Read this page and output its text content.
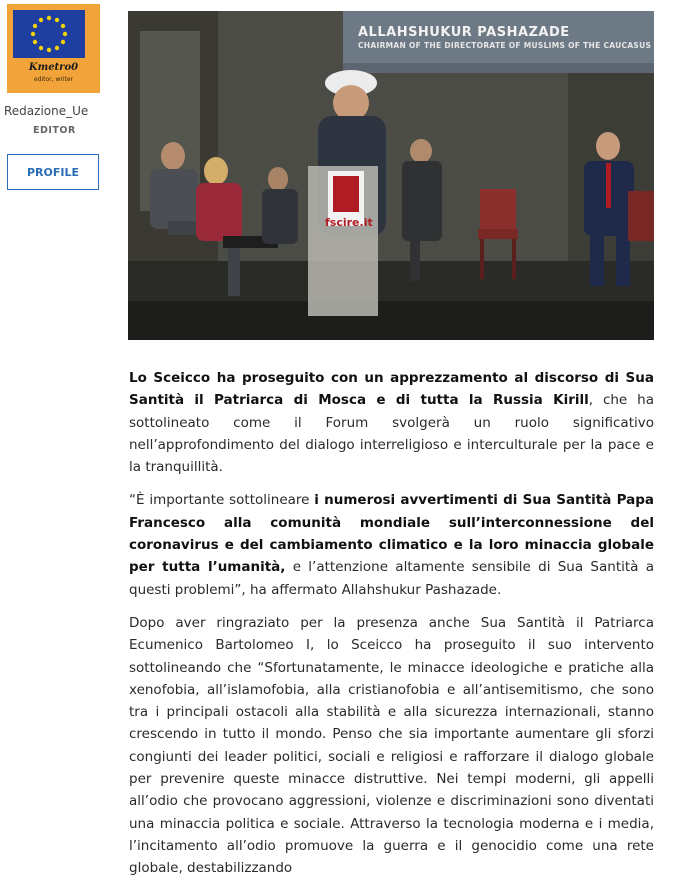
Kmetro0
editor, writer
Redazione_Ue
EDITOR
PROFILE
ALLAHSHUKUR PASHAZADE
CHAIRMAN OF THE DIRECTORATE OF MUSLIMS OF THE CAUCASUS
fscire.it

Lo Sceicco ha proseguito con un apprezzamento al discorso di Sua Santità il Patriarca di Mosca e di tutta la Russia Kirill, che ha sottolineato come il Forum svolgerà un ruolo significativo nell’approfondimento del dialogo interreligioso e interculturale per la pace e la tranquillità.

“È importante sottolineare i numerosi avvertimenti di Sua Santità Papa Francesco alla comunità mondiale sull’interconnessione del coronavirus e del cambiamento climatico e la loro minaccia globale per tutta l’umanità, e l’attenzione altamente sensibile di Sua Santità a questi problemi”, ha affermato Allahshukur Pashazade.

Dopo aver ringraziato per la presenza anche Sua Santità il Patriarca Ecumenico Bartolomeo I, lo Sceicco ha proseguito il suo intervento sottolineando che “Sfortunatamente, le minacce ideologiche e pratiche alla xenofobia, all’islamofobia, alla cristianofobia e all’antisemitismo, che sono tra i principali ostacoli alla stabilità e alla sicurezza internazionali, stanno crescendo in tutto il mondo. Penso che sia importante aumentare gli sforzi congiunti dei leader politici, sociali e religiosi e rafforzare il dialogo globale per prevenire queste minacce distruttive. Nei tempi moderni, gli appelli all’odio che provocano aggressioni, violenze e discriminazioni sono diventati una minaccia politica e sociale. Attraverso la tecnologia moderna e i media, l’incitamento all’odio promuove la guerra e il genocidio come una rete globale, destabilizzando
